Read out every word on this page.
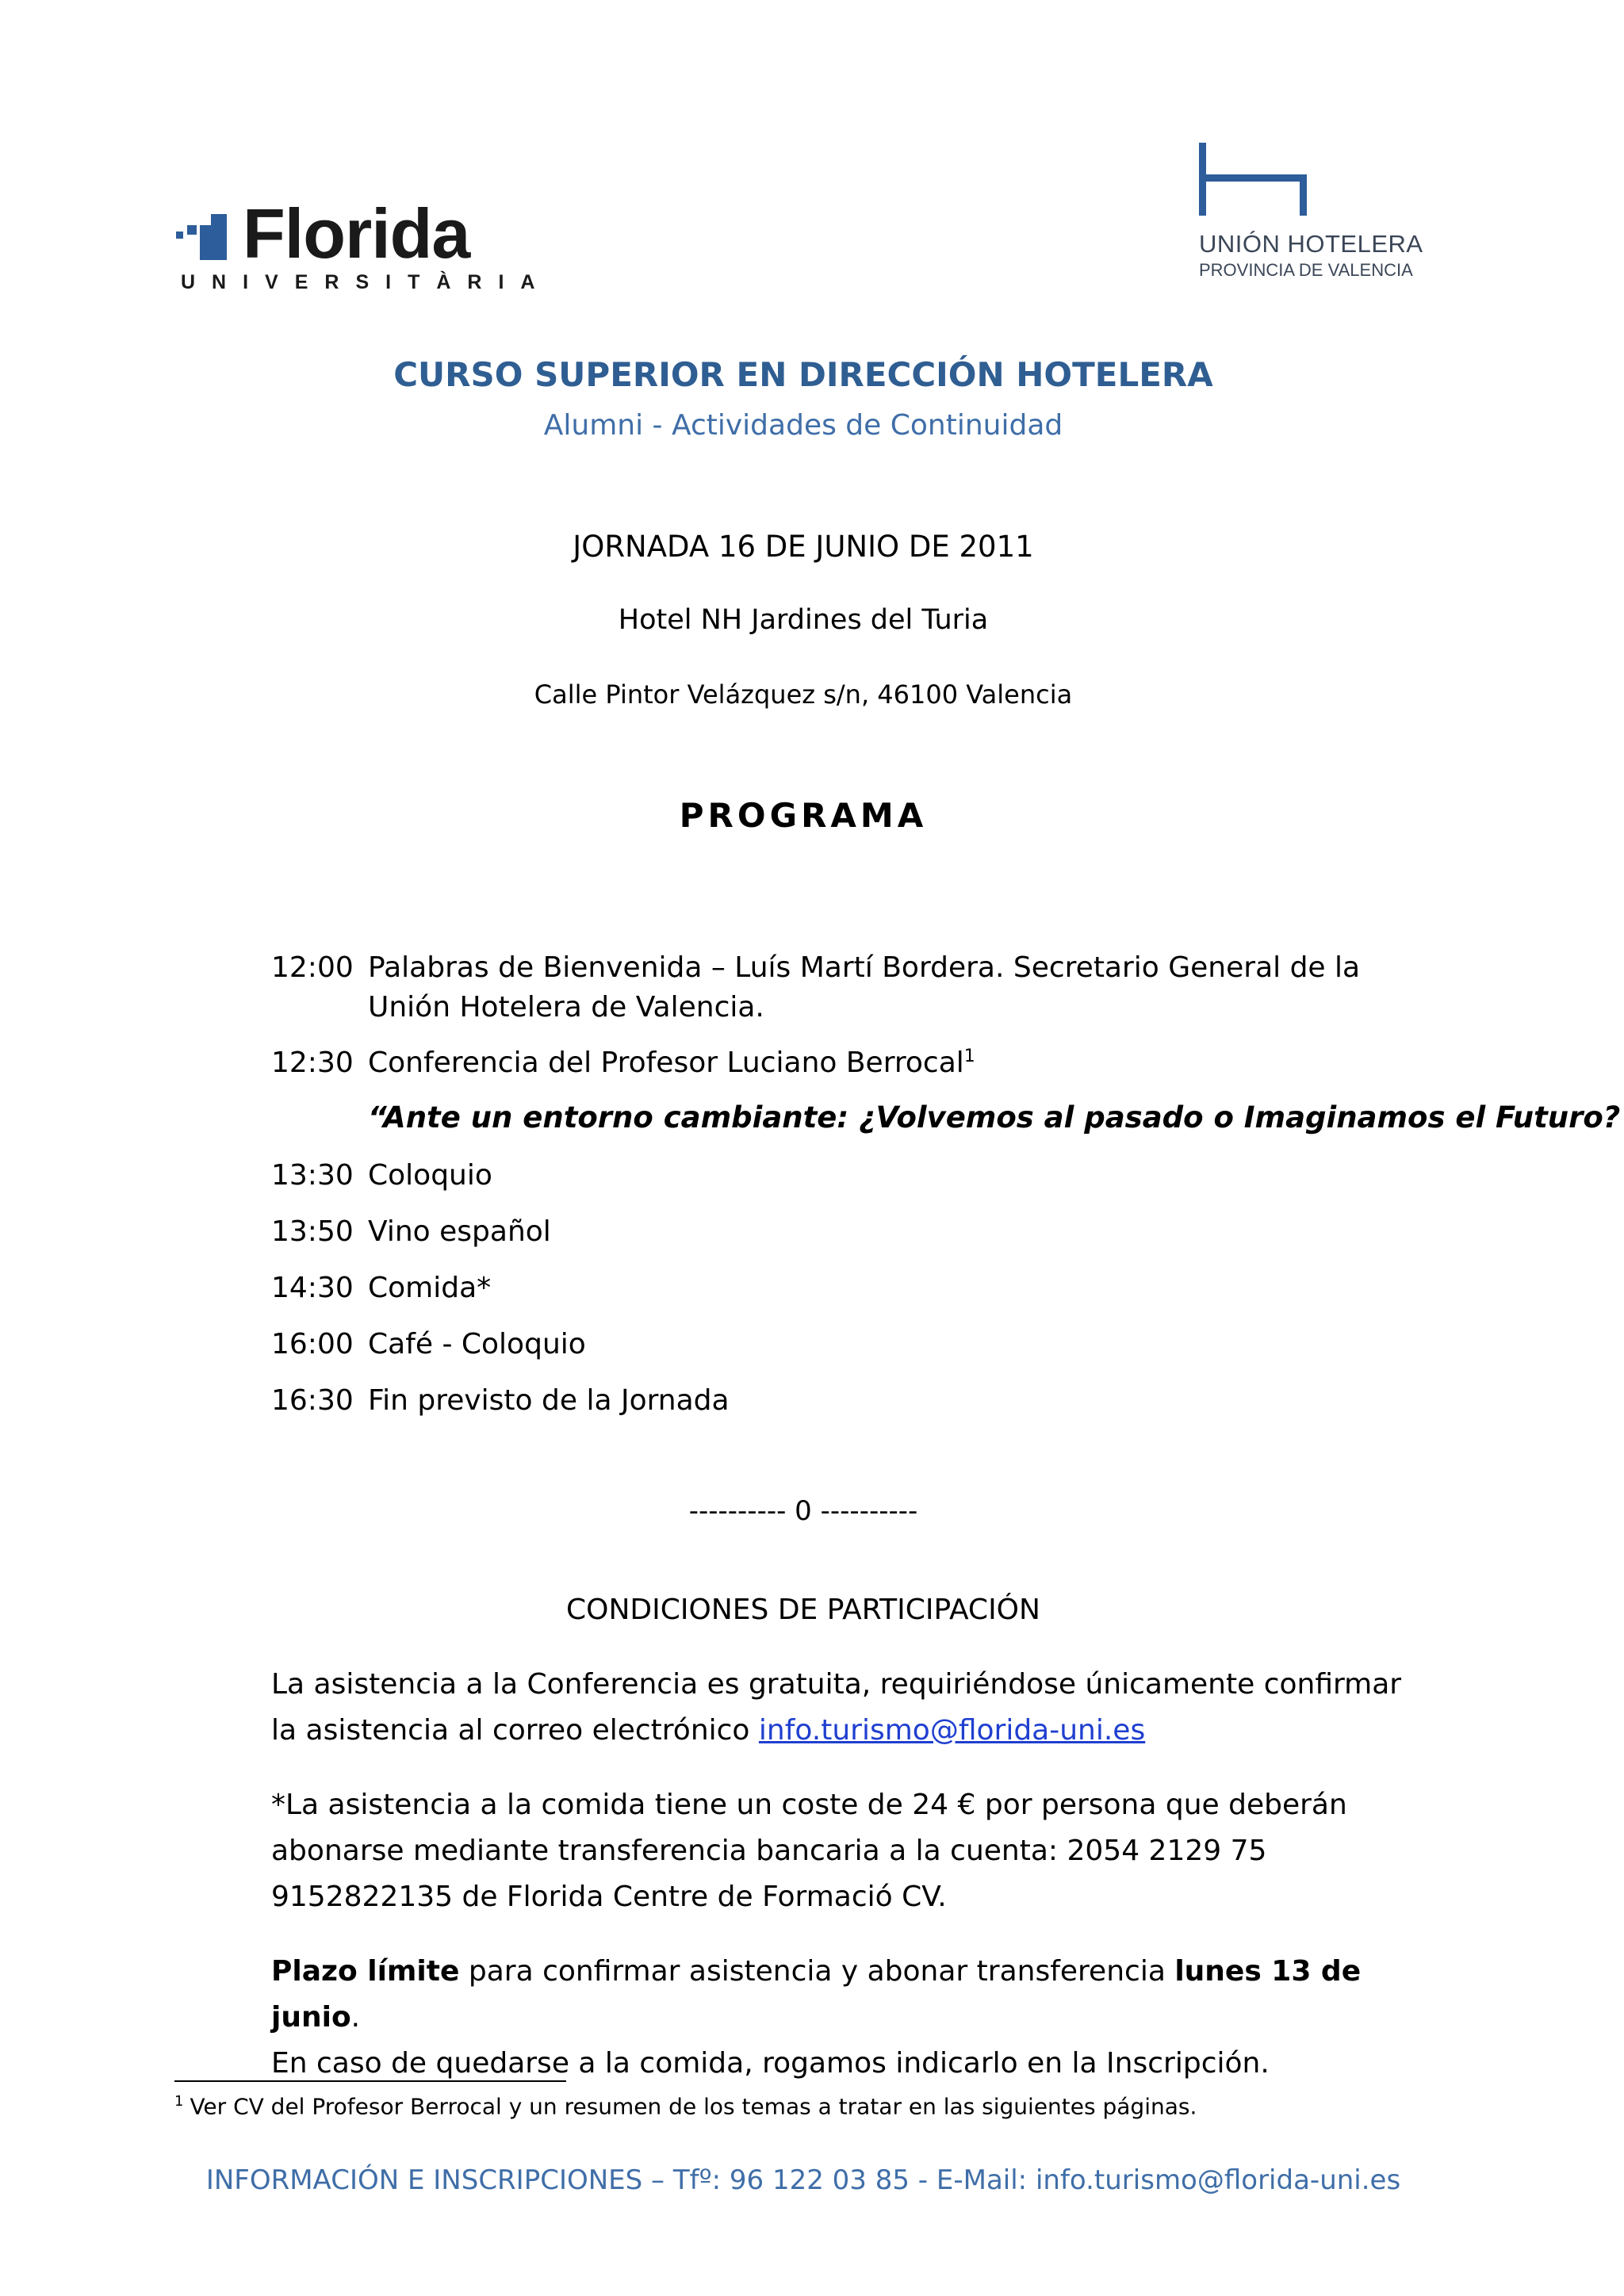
Florida
UNIVERSITÀRIA
UNIÓN HOTELERA
PROVINCIA DE VALENCIA
CURSO SUPERIOR EN DIRECCIÓN HOTELERA
Alumni - Actividades de Continuidad
JORNADA 16 DE JUNIO DE 2011
Hotel NH Jardines del Turia
Calle Pintor Velázquez s/n, 46100 Valencia
PROGRAMA
12:00 Palabras de Bienvenida – Luís Martí Bordera. Secretario General de la
Unión Hotelera de Valencia.
12:30 Conferencia del Profesor Luciano Berrocal$^1$
“Ante un entorno cambiante: ¿Volvemos al pasado o Imaginamos el Futuro?
13:30 Coloquio
13:50 Vino español
14:30 Comida*
16:00 Café - Coloquio
16:30 Fin previsto de la Jornada
---------- 0 ----------
CONDICIONES DE PARTICIPACIÓN
La asistencia a la Conferencia es gratuita, requiriéndose únicamente confirmar la asistencia al correo electrónico info.turismo@florida-uni.es
*La asistencia a la comida tiene un coste de 24 € por persona que deberán abonarse mediante transferencia bancaria a la cuenta: 2054 2129 75 9152822135 de Florida Centre de Formació CV.
Plazo límite para confirmar asistencia y abonar transferencia lunes 13 de junio.
En caso de quedarse a la comida, rogamos indicarlo en la Inscripción.
$^1$ Ver CV del Profesor Berrocal y un resumen de los temas a tratar en las siguientes páginas.
INFORMACIÓN E INSCRIPCIONES – Tfº: 96 122 03 85 - E-Mail: info.turismo@florida-uni.es
